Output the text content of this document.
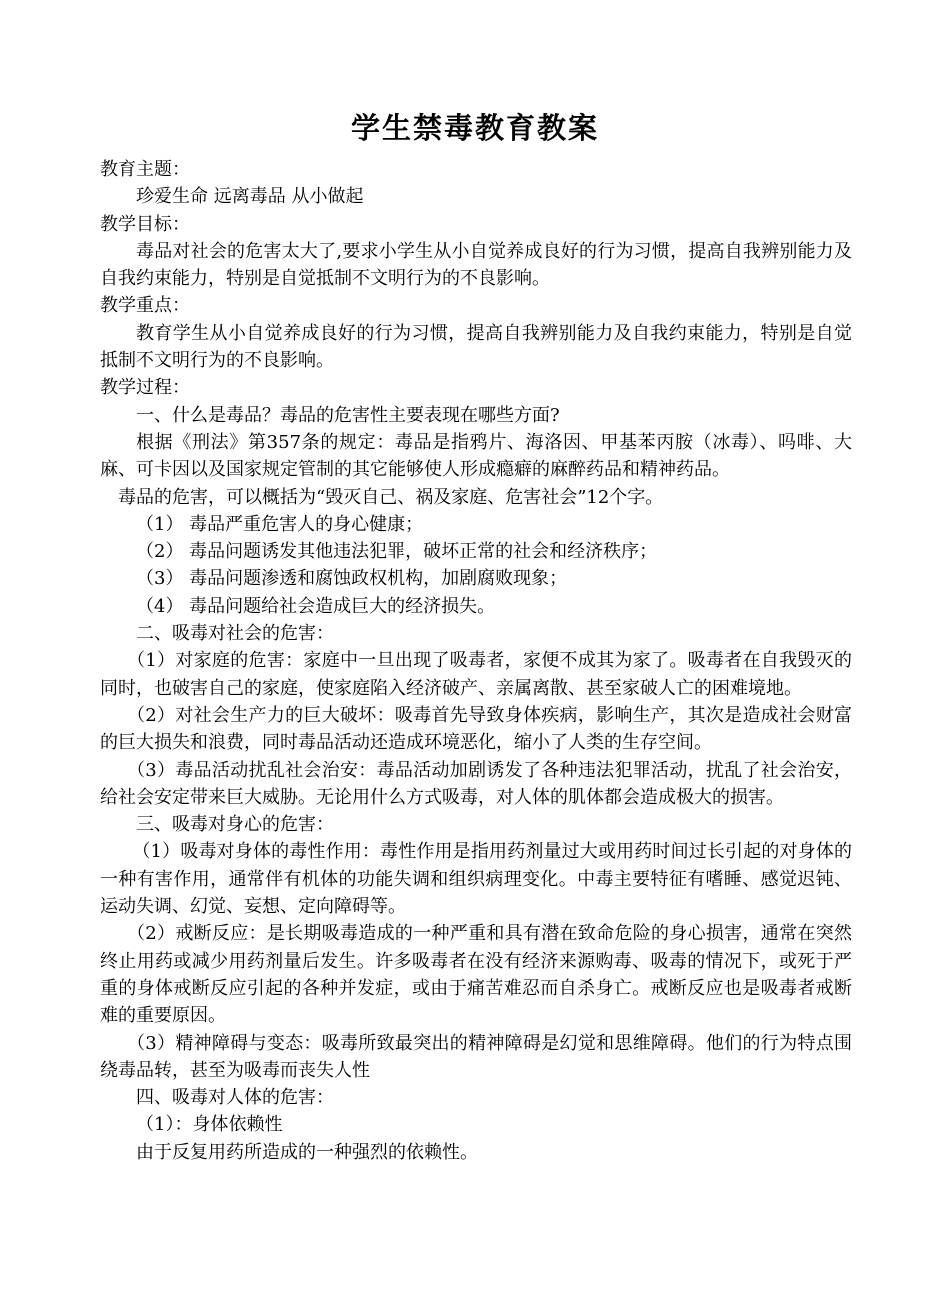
学生禁毒教育教案

教育主题：

珍爱生命 远离毒品 从小做起

教学目标：

毒品对社会的危害太大了,要求小学生从小自觉养成良好的行为习惯，提高自我辨别能力及自我约束能力，特别是自觉抵制不文明行为的不良影响。

教学重点：

教育学生从小自觉养成良好的行为习惯，提高自我辨别能力及自我约束能力，特别是自觉抵制不文明行为的不良影响。

教学过程：

一、什么是毒品？毒品的危害性主要表现在哪些方面?

根据《刑法》第357条的规定：毒品是指鸦片、海洛因、甲基苯丙胺（冰毒）、吗啡、大麻、可卡因以及国家规定管制的其它能够使人形成瘾癖的麻醉药品和精神药品。

毒品的危害，可以概括为“毁灭自己、祸及家庭、危害社会”12个字。

（1） 毒品严重危害人的身心健康；

（2） 毒品问题诱发其他违法犯罪，破坏正常的社会和经济秩序；

（3） 毒品问题渗透和腐蚀政权机构，加剧腐败现象；

（4） 毒品问题给社会造成巨大的经济损失。

二、吸毒对社会的危害：

（1）对家庭的危害：家庭中一旦出现了吸毒者，家便不成其为家了。吸毒者在自我毁灭的同时，也破害自己的家庭，使家庭陷入经济破产、亲属离散、甚至家破人亡的困难境地。

（2）对社会生产力的巨大破坏：吸毒首先导致身体疾病，影响生产，其次是造成社会财富的巨大损失和浪费，同时毒品活动还造成环境恶化，缩小了人类的生存空间。

（3）毒品活动扰乱社会治安：毒品活动加剧诱发了各种违法犯罪活动，扰乱了社会治安，给社会安定带来巨大威胁。无论用什么方式吸毒，对人体的肌体都会造成极大的损害。

三、吸毒对身心的危害：

（1）吸毒对身体的毒性作用：毒性作用是指用药剂量过大或用药时间过长引起的对身体的一种有害作用，通常伴有机体的功能失调和组织病理变化。中毒主要特征有嗜睡、感觉迟钝、运动失调、幻觉、妄想、定向障碍等。

（2）戒断反应：是长期吸毒造成的一种严重和具有潜在致命危险的身心损害，通常在突然终止用药或减少用药剂量后发生。许多吸毒者在没有经济来源购毒、吸毒的情况下，或死于严重的身体戒断反应引起的各种并发症，或由于痛苦难忍而自杀身亡。戒断反应也是吸毒者戒断难的重要原因。

（3）精神障碍与变态：吸毒所致最突出的精神障碍是幻觉和思维障碍。他们的行为特点围绕毒品转，甚至为吸毒而丧失人性

四、吸毒对人体的危害：

（1）：身体依赖性

由于反复用药所造成的一种强烈的依赖性。
